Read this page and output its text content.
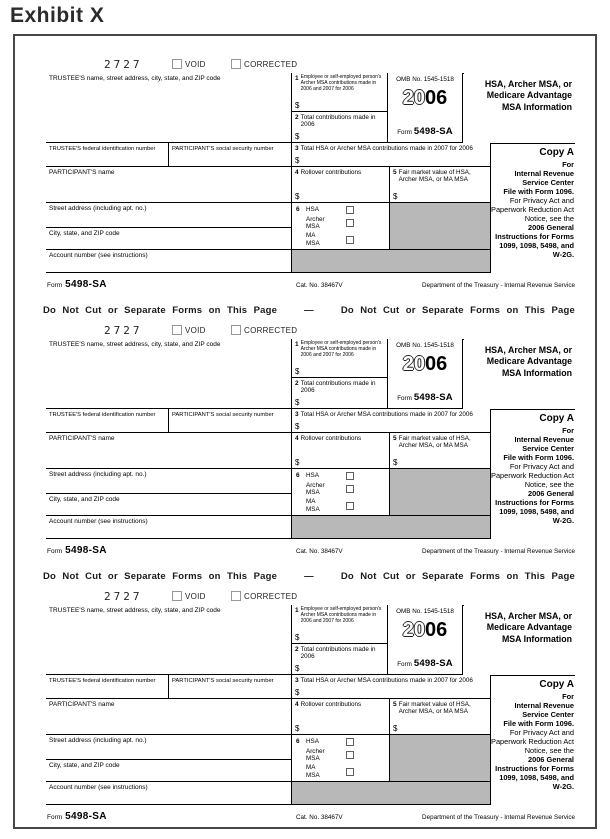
Exhibit X
2727	VOID	CORRECTED
TRUSTEE'S name, street address, city, state, and ZIP code	1 Employee or self-employed person's Archer MSA contributions made in 2006 and 2007 for 2006
$
2 Total contributions made in 2006
$
OMB No. 1545-1518
2006
Form 5498-SA
HSA, Archer MSA, or Medicare Advantage MSA Information
TRUSTEE'S federal identification number	PARTICIPANT'S social security number	3 Total HSA or Archer MSA contributions made in 2007 for 2006
$
PARTICIPANT'S name	4 Rollover contributions
$
5 Fair market value of HSA, Archer MSA, or MA MSA
$
Street address (including apt. no.)	6	HSA
Archer MSA
MA MSA
City, state, and ZIP code
Account number (see instructions)
Copy A
For
Internal Revenue Service Center
File with Form 1096.
For Privacy Act and Paperwork Reduction Act Notice, see the
2006 General Instructions for Forms 1099, 1098, 5498, and W-2G.
Form 5498-SA	Cat. No. 38467V	Department of the Treasury - Internal Revenue Service
Do Not Cut or Separate Forms on This Page	—	Do Not Cut or Separate Forms on This Page
2727	VOID	CORRECTED
TRUSTEE'S name, street address, city, state, and ZIP code	1 Employee or self-employed person's Archer MSA contributions made in 2006 and 2007 for 2006
$
2 Total contributions made in 2006
$
OMB No. 1545-1518
2006
Form 5498-SA
HSA, Archer MSA, or Medicare Advantage MSA Information
TRUSTEE'S federal identification number	PARTICIPANT'S social security number	3 Total HSA or Archer MSA contributions made in 2007 for 2006
$
PARTICIPANT'S name	4 Rollover contributions
$
5 Fair market value of HSA, Archer MSA, or MA MSA
$
Street address (including apt. no.)	6	HSA
Archer MSA
MA MSA
City, state, and ZIP code
Account number (see instructions)
Copy A
For
Internal Revenue Service Center
File with Form 1096.
For Privacy Act and Paperwork Reduction Act Notice, see the
2006 General Instructions for Forms 1099, 1098, 5498, and W-2G.
Form 5498-SA	Cat. No. 38467V	Department of the Treasury - Internal Revenue Service
Do Not Cut or Separate Forms on This Page	—	Do Not Cut or Separate Forms on This Page
2727	VOID	CORRECTED
TRUSTEE'S name, street address, city, state, and ZIP code	1 Employee or self-employed person's Archer MSA contributions made in 2006 and 2007 for 2006
$
2 Total contributions made in 2006
$
OMB No. 1545-1518
2006
Form 5498-SA
HSA, Archer MSA, or Medicare Advantage MSA Information
TRUSTEE'S federal identification number	PARTICIPANT'S social security number	3 Total HSA or Archer MSA contributions made in 2007 for 2006
$
PARTICIPANT'S name	4 Rollover contributions
$
5 Fair market value of HSA, Archer MSA, or MA MSA
$
Street address (including apt. no.)	6	HSA
Archer MSA
MA MSA
City, state, and ZIP code
Account number (see instructions)
Copy A
For
Internal Revenue Service Center
File with Form 1096.
For Privacy Act and Paperwork Reduction Act Notice, see the
2006 General Instructions for Forms 1099, 1098, 5498, and W-2G.
Form 5498-SA	Cat. No. 38467V	Department of the Treasury - Internal Revenue Service
